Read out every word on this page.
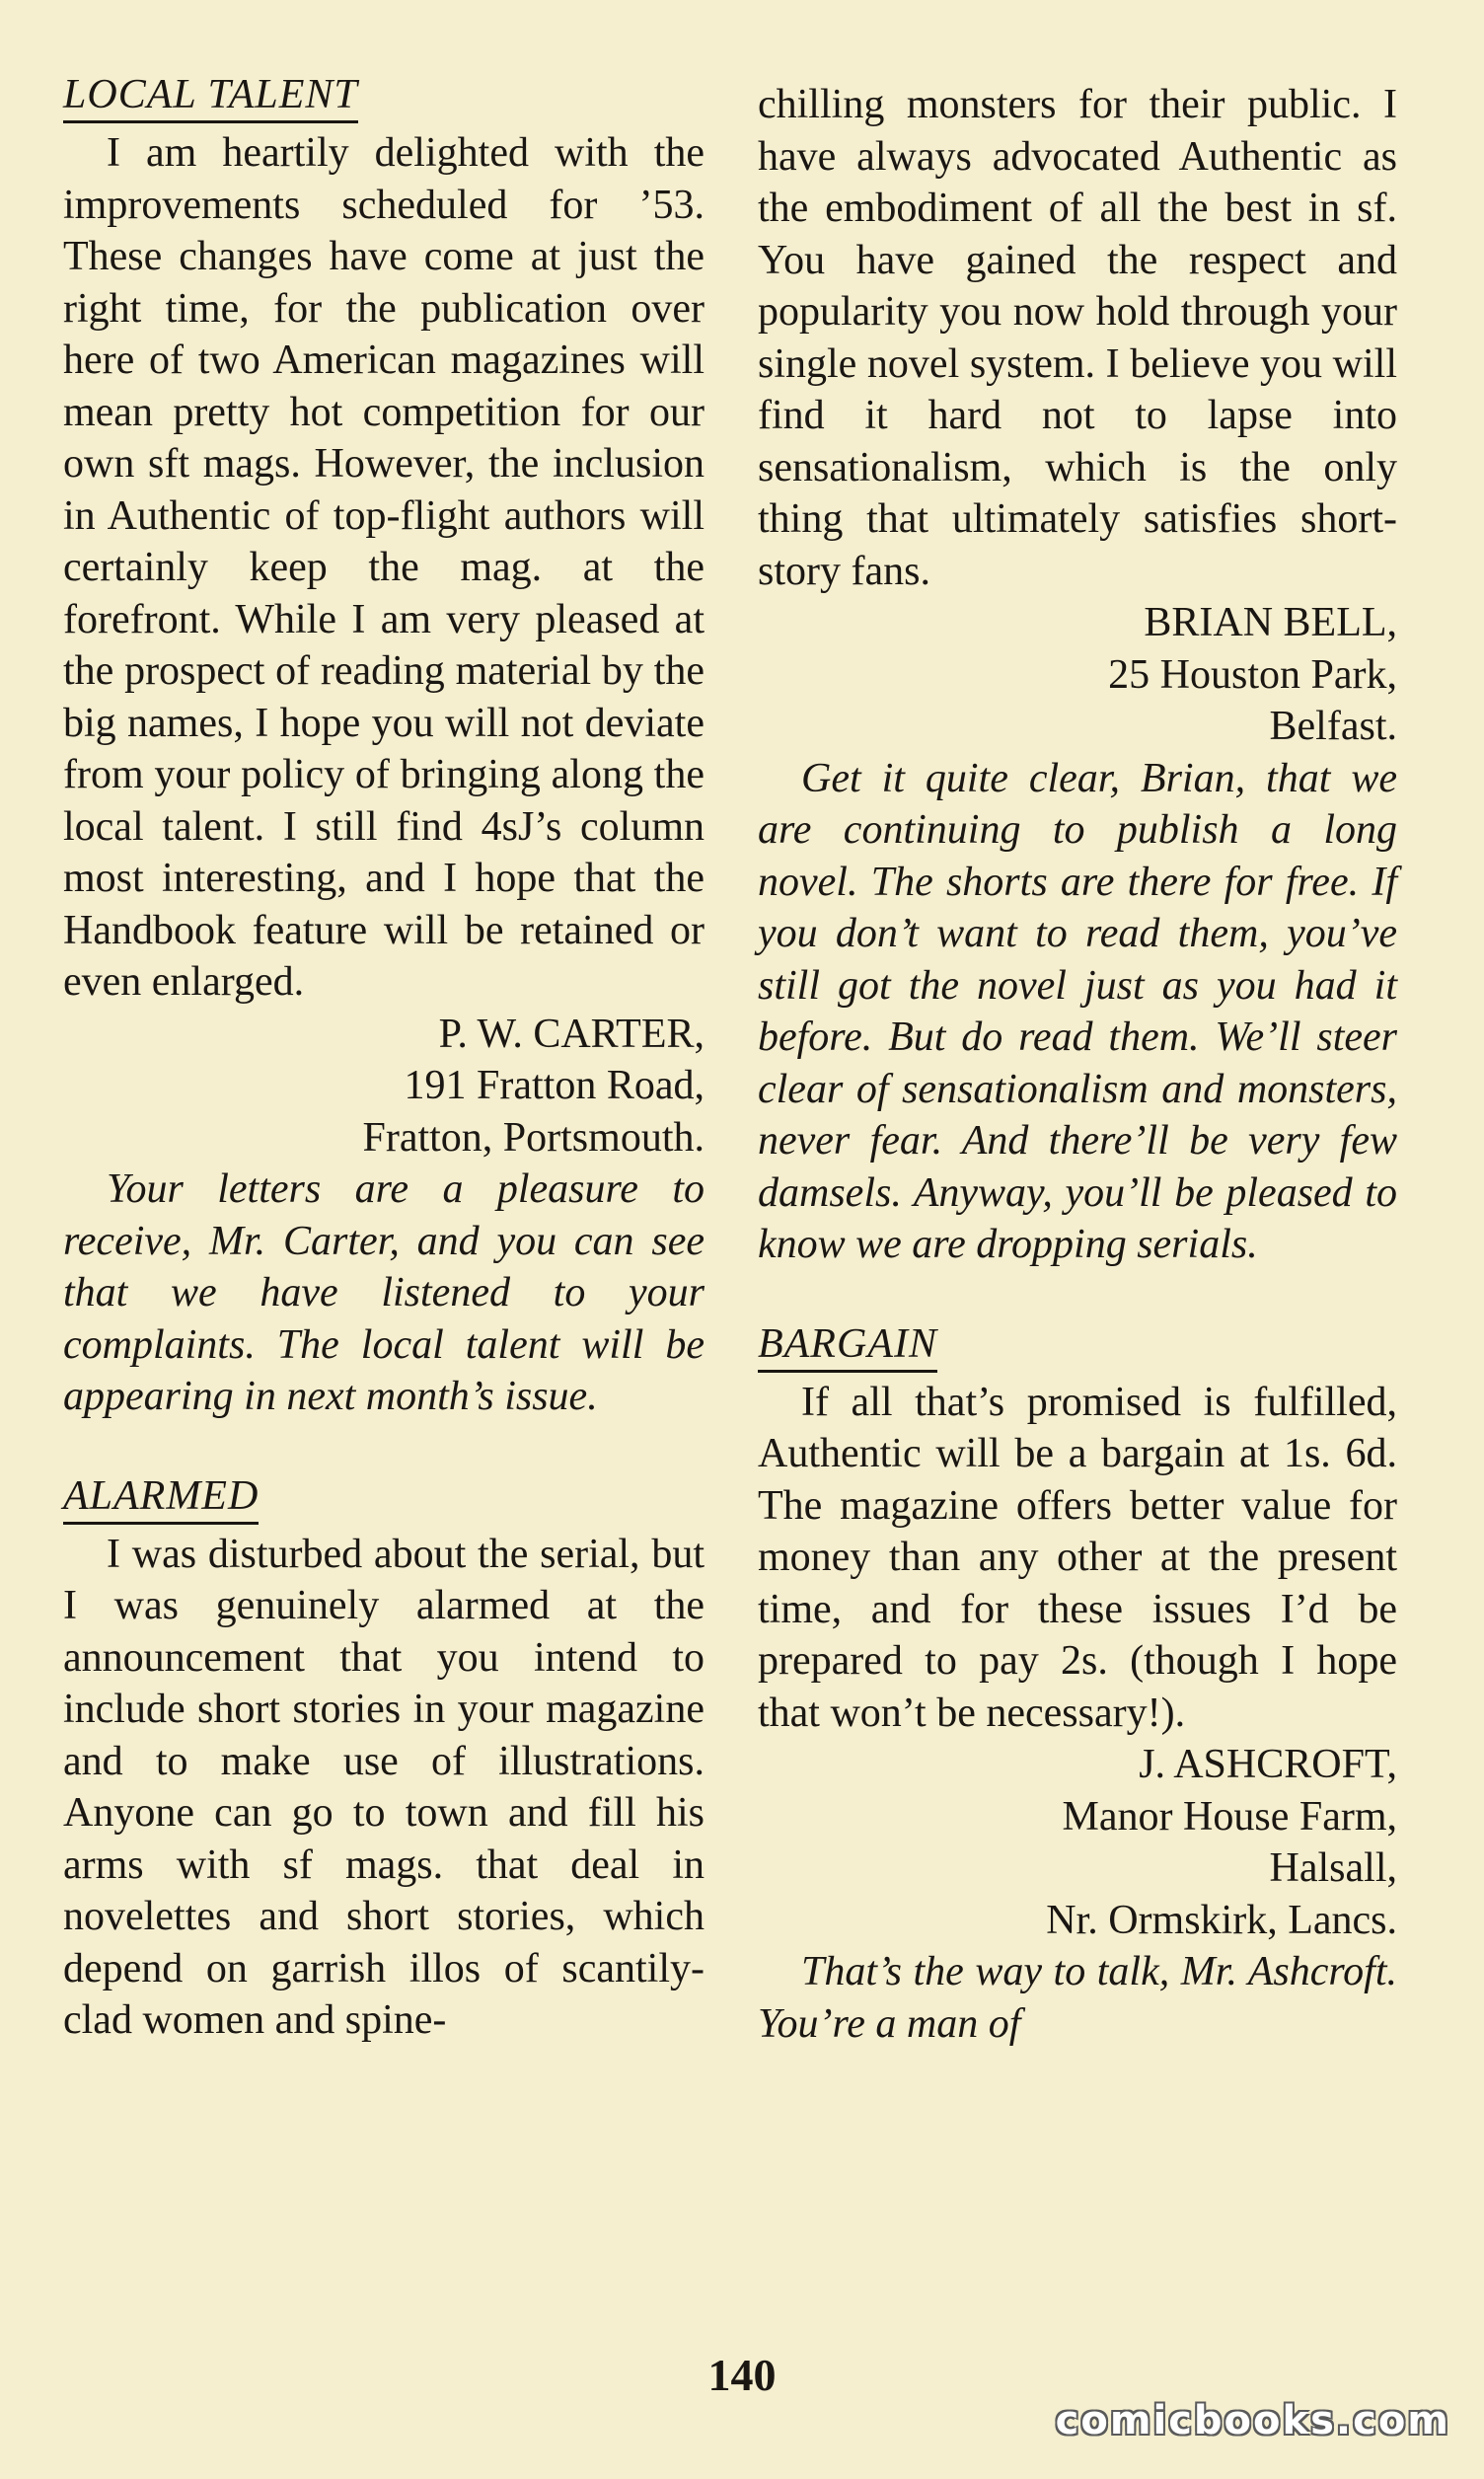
LOCAL TALENT

I am heartily delighted with the improvements scheduled for ’53. These changes have come at just the right time, for the publication over here of two American magazines will mean pretty hot competition for our own sft mags. However, the inclusion in Authentic of top-flight authors will certainly keep the mag. at the forefront. While I am very pleased at the prospect of reading material by the big names, I hope you will not deviate from your policy of bringing along the local talent. I still find 4sJ’s column most interesting, and I hope that the Handbook feature will be retained or even enlarged.

P. W. CARTER,

191 Fratton Road,

Fratton, Portsmouth.

Your letters are a pleasure to receive, Mr. Carter, and you can see that we have listened to your complaints. The local talent will be appearing in next month’s issue.

ALARMED

I was disturbed about the serial, but I was genuinely alarmed at the announcement that you intend to include short stories in your magazine and to make use of illustrations. Anyone can go to town and fill his arms with sf mags. that deal in novelettes and short stories, which depend on garrish illos of scantily-clad women and spine-

chilling monsters for their public. I have always advocated Authentic as the embodiment of all the best in sf. You have gained the respect and popularity you now hold through your single novel system. I believe you will find it hard not to lapse into sensationalism, which is the only thing that ultimately satisfies short-story fans.

BRIAN BELL,

25 Houston Park,

Belfast.

Get it quite clear, Brian, that we are continuing to publish a long novel. The shorts are there for free. If you don’t want to read them, you’ve still got the novel just as you had it before. But do read them. We’ll steer clear of sensationalism and monsters, never fear. And there’ll be very few damsels. Anyway, you’ll be pleased to know we are dropping serials.

BARGAIN

If all that’s promised is fulfilled, Authentic will be a bargain at 1s. 6d. The magazine offers better value for money than any other at the present time, and for these issues I’d be prepared to pay 2s. (though I hope that won’t be necessary!).

J. ASHCROFT,

Manor House Farm,

Halsall,

Nr. Ormskirk, Lancs.

That’s the way to talk, Mr. Ashcroft. You’re a man of

140
comicbooks.com
